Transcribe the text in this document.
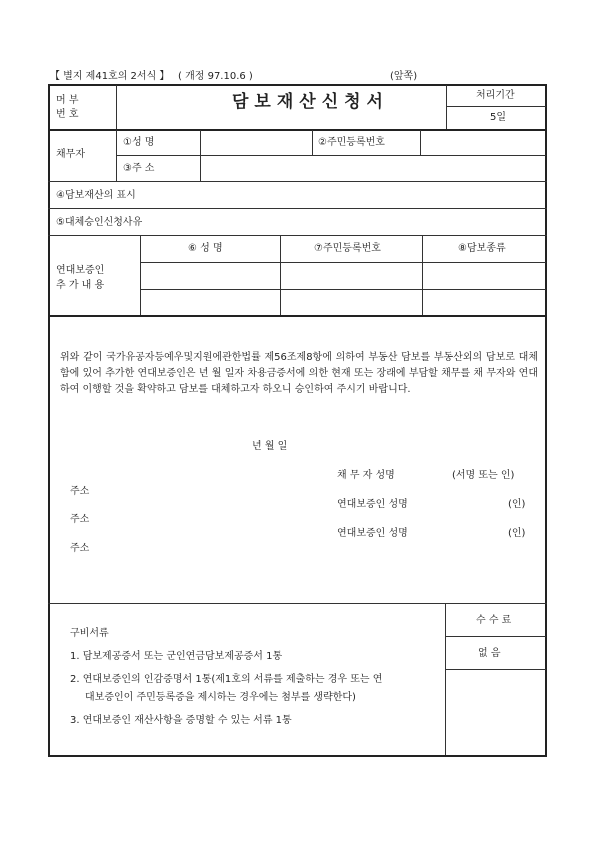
【 별지 제41호의 2서식 】 ( 개정 97.10.6 )	(앞쪽)
머 부
번 호
담보재산신청서	처리기간
5일
채무자
①성 명	②주민등록번호
③주 소
④담보재산의 표시
⑤대체승인신청사유
연대보증인
추 가 내 용
⑥ 성 명	⑦주민등록번호	⑧담보종류
위와 같이 국가유공자등예우및지원에관한법률 제56조제8항에 의하여 부동산 담보를 부동산외의 담보로 대체함에 있어 추가한 연대보증인은 년 월 일자 차용금증서에 의한 현재 또는 장래에 부담할 채무를 채 무자와 연대하여 이행할 것을 확약하고 담보를 대체하고자 하오니 승인하여 주시기 바랍니다.
년 월 일
채 무 자 성명	(서명 또는 인)
연대보증인 성명	(인)
연대보증인 성명	(인)
주소
주소
주소
구비서류
1. 담보제공증서 또는 군인연금담보제공증서 1통
2. 연대보증인의 인감증명서 1통(제1호의 서류를 제출하는 경우 또는 연
대보증인이 주민등록증을 제시하는 경우에는 첨부를 생략한다)
3. 연대보증인 재산사항을 증명할 수 있는 서류 1통
수 수 료
없 음
